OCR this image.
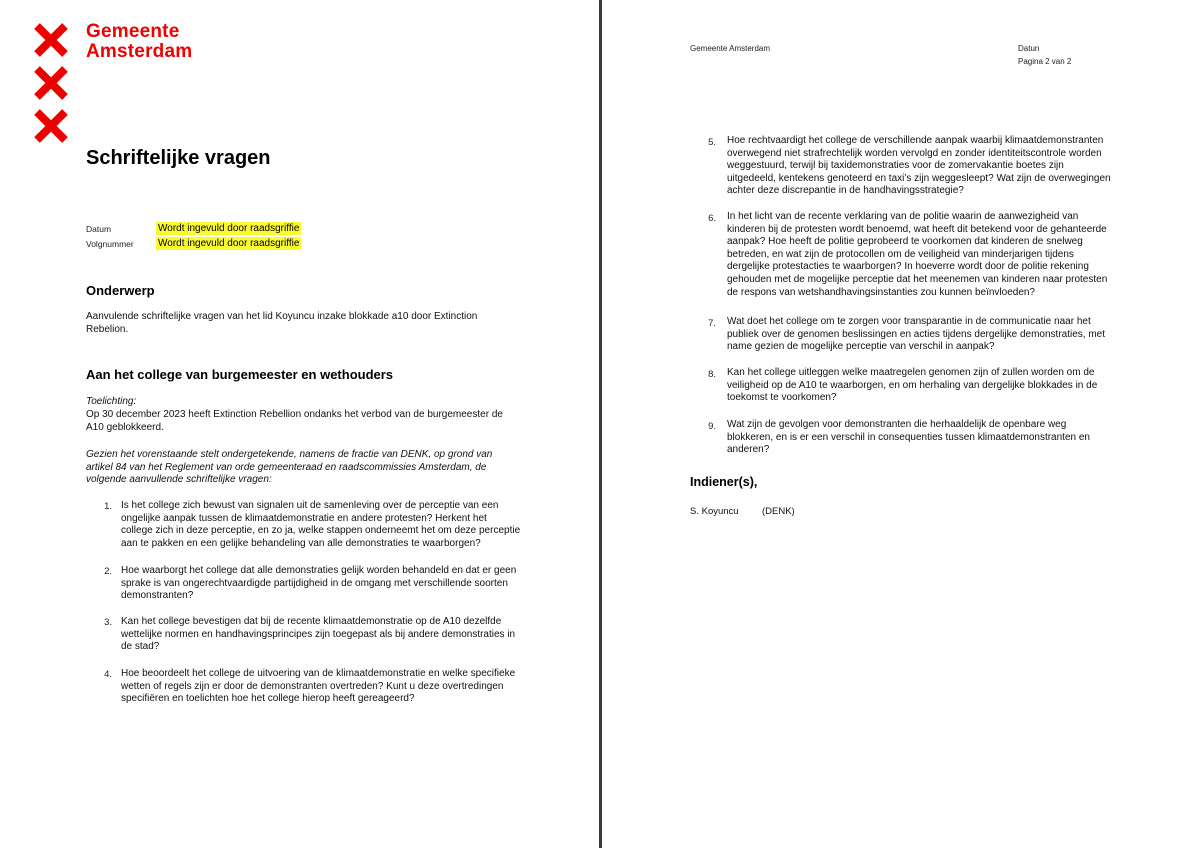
Gemeente
Amsterdam
Schriftelijke vragen
Datum	Wordt ingevuld door raadsgriffie
Volgnummer Wordt ingevuld door raadsgriffie
Onderwerp
Aanvulende schriftelijke vragen van het lid Koyuncu inzake blokkade a10 door Extinction Rebelion.
Aan het college van burgemeester en wethouders
Toelichting:
Op 30 december 2023 heeft Extinction Rebellion ondanks het verbod van de burgemeester de A10 geblokkeerd.
Gezien het vorenstaande stelt ondergetekende, namens de fractie van DENK, op grond van artikel 84 van het Reglement van orde gemeenteraad en raadscommissies Amsterdam, de volgende aanvullende schriftelijke vragen:
1. Is het college zich bewust van signalen uit de samenleving over de perceptie van een ongelijke aanpak tussen de klimaatdemonstratie en andere protesten? Herkent het college zich in deze perceptie, en zo ja, welke stappen onderneemt het om deze perceptie aan te pakken en een gelijke behandeling van alle demonstraties te waarborgen?
2. Hoe waarborgt het college dat alle demonstraties gelijk worden behandeld en dat er geen sprake is van ongerechtvaardigde partijdigheid in de omgang met verschillende soorten demonstranten?
3. Kan het college bevestigen dat bij de recente klimaatdemonstratie op de A10 dezelfde wettelijke normen en handhavingsprincipes zijn toegepast als bij andere demonstraties in de stad?
4. Hoe beoordeelt het college de uitvoering van de klimaatdemonstratie en welke specifieke wetten of regels zijn er door de demonstranten overtreden? Kunt u deze overtredingen specifiëren en toelichten hoe het college hierop heeft gereageerd?
Gemeente Amsterdam	Datun
Pagina 2 van 2
5. Hoe rechtvaardigt het college de verschillende aanpak waarbij klimaatdemonstranten overwegend niet strafrechtelijk worden vervolgd en zonder identiteitscontrole worden weggestuurd, terwijl bij taxidemonstraties voor de zomervakantie boetes zijn uitgedeeld, kentekens genoteerd en taxi’s zijn weggesleept? Wat zijn de overwegingen achter deze discrepantie in de handhavingsstrategie?
6. In het licht van de recente verklaring van de politie waarin de aanwezigheid van kinderen bij de protesten wordt benoemd, wat heeft dit betekend voor de gehanteerde aanpak? Hoe heeft de politie geprobeerd te voorkomen dat kinderen de snelweg betreden, en wat zijn de protocollen om de veiligheid van minderjarigen tijdens dergelijke protestacties te waarborgen? In hoeverre wordt door de politie rekening gehouden met de mogelijke perceptie dat het meenemen van kinderen naar protesten de respons van wetshandhavingsinstanties zou kunnen beïnvloeden?
7. Wat doet het college om te zorgen voor transparantie in de communicatie naar het publiek over de genomen beslissingen en acties tijdens dergelijke demonstraties, met name gezien de mogelijke perceptie van verschil in aanpak?
8. Kan het college uitleggen welke maatregelen genomen zijn of zullen worden om de veiligheid op de A10 te waarborgen, en om herhaling van dergelijke blokkades in de toekomst te voorkomen?
9. Wat zijn de gevolgen voor demonstranten die herhaaldelijk de openbare weg blokkeren, en is er een verschil in consequenties tussen klimaatdemonstranten en anderen?
Indiener(s),
S. Koyuncu (DENK)
